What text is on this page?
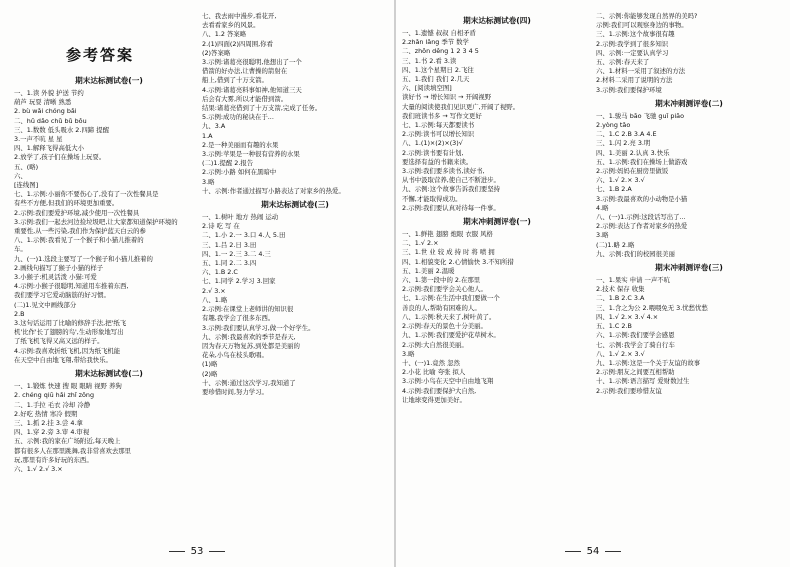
参考答案
期末达标测试卷(一)
一、1.读 外貌 护送 节约
葫芦 玩耍 清晰 熟悉
2. bù wǎi chóng bǎi
二、hǔ dǎo chǔ bǔ bǒu
三、1.数数 低头吸水 2.四蹄 提醒
3.一声不吭 星 星
四、1.解释飞得高低大小
2.放学了,孩子们在操场上玩耍。
五、(略)
六、
[连线图]
七、1.示例:小丽你不要伤心了,没有了一次性餐具是
有些不方便,但我们的环境更加重要。
2.示例:我们要爱护环境,减少使用一次性餐具
3.示例:我们一起去河边捡垃圾吧,让大家都知道保护环境的
重要性,从一些污染,我们作为保护蓝天白云的参
八、1.示例:我看见了一个猴子和小猫儿推着的
车。
九、(一)1.选段主要写了一个猴子和小猫儿推着的
2.画线句描写了猴子小猫的样子
3.小猴子:机灵活泼 小猫:可爱
4.示例:小猴子很聪明,知道用车推着东西,
我们要学习它爱动脑筋的好习惯。
(二)1.见文中画线部分
2.B
3.这句话运用了比喻的修辞手法,把'纸飞
机'比作'长了翅膀的鸟',生动形象地写出
了纸飞机飞得又高又远的样子。
4.示例:我喜欢折纸飞机,因为纸飞机能
在天空中自由地飞翔,带给我快乐。
期末达标测试卷(二)
一、1.锻炼 快速 搜 眼 眼睛 视野 养狗
2. chéng qiū hǎi zhǐ zǒng
二、1.手拉 毛衣 冷却 冷静
2.好吃 热情 寒冷 假期
三、1.抓 2.挂 3.尝 4.拿
四、1.穿 2.旁 3.审 4.审视
五、示例:我的家在广场附近,每天晚上
都有很多人在那里跳舞,我非常喜欢去那里
玩,那里有许多好玩的东西。
六、1.√ 2.√ 3.×
七、我去雨中漫步,看花开,
去看看家乡的风景。
八、1.2 答案略
2.(1)四面(2)四周围,你看
(2)答案略
3.示例:诸葛亮很聪明,他想出了一个
借箭的好办法,让曹操的箭射在
船上,借到了十万支箭。
4.示例:诸葛亮料事如神,他知道三天
后会有大雾,所以才能借到箭。
结果:诸葛亮借到了十万支箭,完成了任务。
5.示例:成功的秘诀在于...
九、3.A
1.A
2.是一种美丽而有趣的水果
3.示例:苹果是一种很有营养的水果
(二)1.提醒 2.报告
2.示例:小路 如何在黑暗中
3.略
十、示例:作者通过描写小路表达了对家乡的热爱。
期末达标测试卷(三)
一、1.树叶 地方 热闹 运动
2.诗 吃 写 在
二、1.小 2.一 3.口 4.人 5.田
三、1.吕 2.日 3.田
四、1.一 2.三 3.二 4.三
五、1.同 2.二 3.四
六、1.B 2.C
七、1.同学 2.学习 3.回家
2.√ 3.×
八、1.略
2.示例:在课堂上老师讲的知识很
有趣,我学会了很多东西。
3.示例:我们要认真学习,做一个好学生。
九、示例:我最喜欢的季节是春天,
因为春天万物复苏,到处都是美丽的
花朵,小鸟在枝头歌唱。
(1)略
(2)略
十、示例:通过这次学习,我知道了
要珍惜时间,努力学习。
53
期末达标测试卷(四)
一、1.遗憾 叔叔 自相矛盾
2.zhǎn lǎng 季节 数学
二、zhōn děng 1 2 3 4 5
三、1.书 2.看 3.读
四、1.这个星期日 2.飞往
五、1.我们 我们 2.几天
六、[阅读填空图]
读好书 → 增长知识 → 开阔视野
大量的阅读使我们见识更广,开阔了视野。
我们班读书多 → 写作文更好
七、1.示例:每天都要读书
2.示例:读书可以增长知识
八、1.(1)×(2)×(3)√
2.示例:读书要有计划,
要选择有益的书籍来读。
3.示例:我们要多读书,读好书,
从书中汲取营养,使自己不断进步。
九、示例:这个故事告诉我们要坚持
不懈,才能取得成功。
2.示例:我们要认真对待每一件事。
期末冲刺测评卷(一)
一、1.鲜艳 翅膀 炮眼 衣服 风格
二、1.√ 2.×
三、1.世 业 较 成 持 时 将 喷 拥
四、1.相貌变化 2.心情愉快 3.不知所措
五、1.美丽 2.温暖
六、1.第一段中的 2.在那里
2.示例:我们要学会关心他人。
七、1.示例:在生活中我们要做一个
善良的人,帮助有困难的人。
八、1.示例:秋天来了,树叶黄了。
2.示例:春天的景色十分美丽。
九、1.示例:我们要爱护花草树木。
2.示例:大自然很美丽。
3.略
十、(一)1.竟然 忽然
2.小花 比喻 夸张 拟人
3.示例:小鸟在天空中自由地飞翔
4.示例:我们要保护大自然,
让地球变得更加美好。
二、示例:你能够发现自然界的美吗?
示例:我们可以观察身边的事物。
三、1.示例:这个故事很有趣
2.示例:我学到了很多知识
四、示例:一定要认真学习
五、示例:春天来了
六、1.材料一采用了叙述的方法
2.材料二采用了说明的方法
3.示例:我们要保护环境
期末冲刺测评卷(二)
一、1.骏马 bāo 飞驰 guǐ piāo
2.yòng tǎo
二、1.C 2.B 3.A 4.E
三、1.闪 2.亮 3.明
四、1.美丽 2.认真 3.快乐
五、1.示例:我们在操场上做游戏
2.示例:妈妈在厨房里做饭
六、1.√ 2.× 3.√
七、1.B 2.A
3.示例:我最喜欢的小动物是小猫
4.略
八、(一)1.示例:这段话写出了...
2.示例:表达了作者对家乡的热爱
3.略
(二)1.略 2.略
九、示例:我们的校园很美丽
期末冲刺测评卷(三)
一、1.果实 申请 一声不吭
2.技术 保存 收集
二、1.B 2.C 3.A
三、1.含之为公 2.喂喂免无 3.忧愁忧愁
四、1.√ 2.× 3.√ 4.×
五、1.C 2.B
六、1.示例:我们要学会感恩
七、示例:我学会了骑自行车
八、1.√ 2.× 3.√
九、1.示例:这是一个关于友谊的故事
2.示例:朋友之间要互相帮助
十、1.示例:语言描写 爱财数过生
2.示例:我们要珍惜友谊
54
